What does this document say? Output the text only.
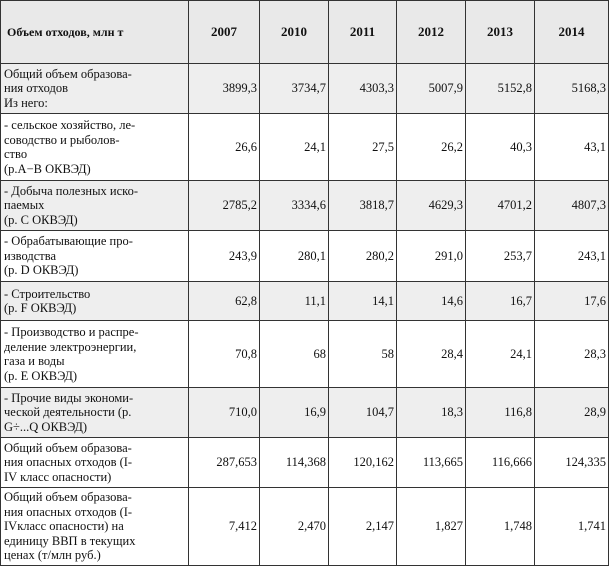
Объем отходов, млн т	2007	2010	2011	2012	2013	2014
Общий объем образова-
ния отходов
Из него:	3899,3	3734,7	4303,3	5007,9	5152,8	5168,3
- сельское хозяйство, ле-
соводство и рыболов-
ство
(р.А−В ОКВЭД)	26,6	24,1	27,5	26,2	40,3	43,1
- Добыча полезных иско-
паемых
(р. С ОКВЭД)	2785,2	3334,6	3818,7	4629,3	4701,2	4807,3
- Обрабатывающие про-
изводства
(р. D ОКВЭД)	243,9	280,1	280,2	291,0	253,7	243,1
- Строительство
(р. F ОКВЭД)	62,8	11,1	14,1	14,6	16,7	17,6
- Производство и распре-
деление электроэнергии,
газа и воды
(р. Е ОКВЭД)	70,8	68	58	28,4	24,1	28,3
- Прочие виды экономи-
ческой деятельности (р.
G÷...Q ОКВЭД)	710,0	16,9	104,7	18,3	116,8	28,9
Общий объем образова-
ния опасных отходов (I-
IV класс опасности)	287,653	114,368	120,162	113,665	116,666	124,335
Общий объем образова-
ния опасных отходов (I-
IVкласс опасности) на
единицу ВВП в текущих
ценах (т/млн руб.)	7,412	2,470	2,147	1,827	1,748	1,741
